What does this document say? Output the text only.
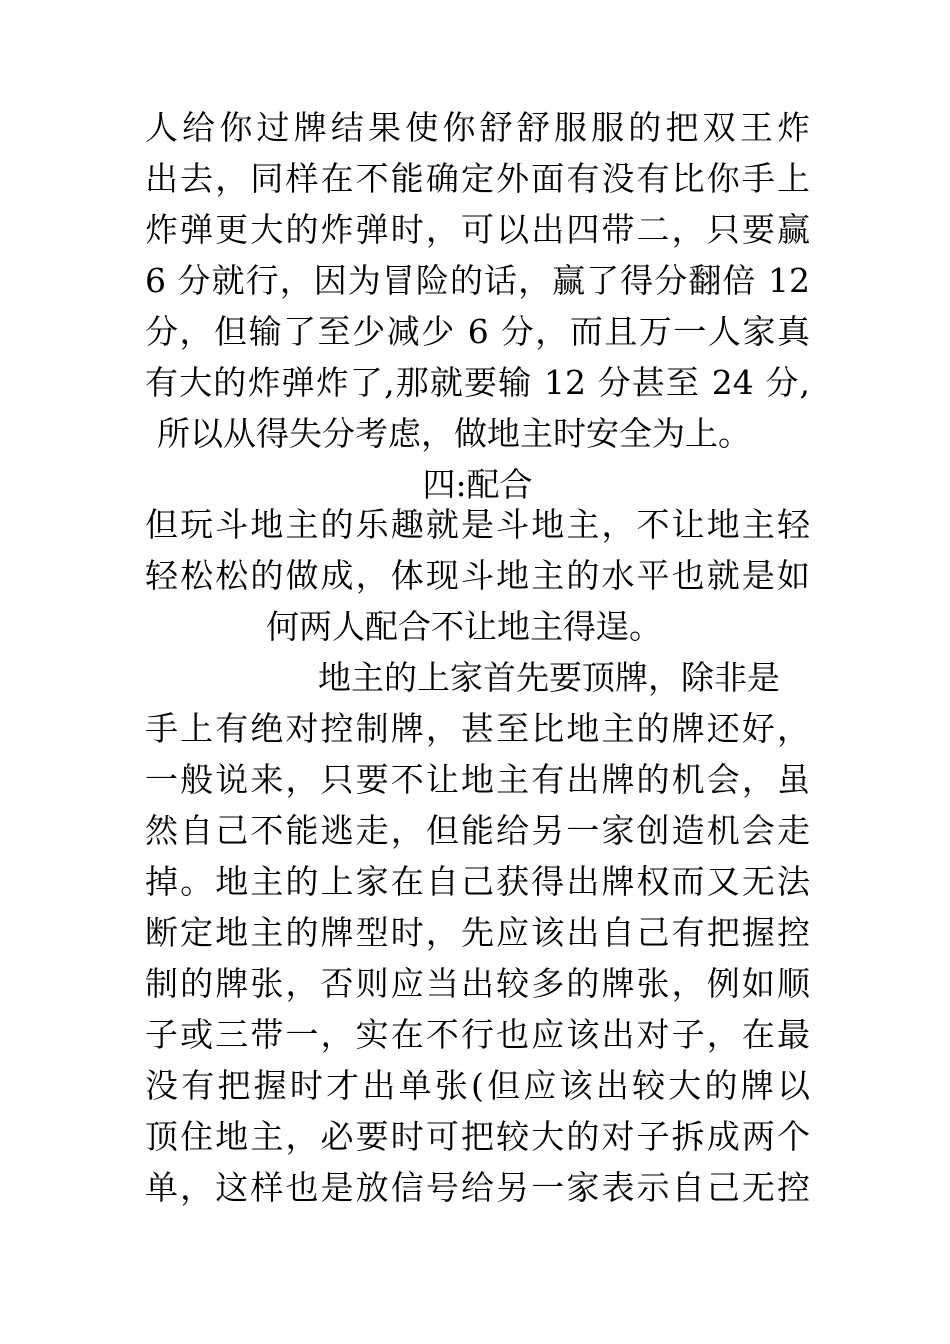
人给你过牌结果使你舒舒服服的把双王炸
出去，同样在不能确定外面有没有比你手上
炸弹更大的炸弹时，可以出四带二，只要赢
6 分就行，因为冒险的话，赢了得分翻倍 12
分，但输了至少减少 6 分，而且万一人家真
有大的炸弹炸了,那就要输 12 分甚至 24 分,
所以从得失分考虑，做地主时安全为上。
四:配合
但玩斗地主的乐趣就是斗地主，不让地主轻
轻松松的做成，体现斗地主的水平也就是如
何两人配合不让地主得逞。
地主的上家首先要顶牌，除非是
手上有绝对控制牌，甚至比地主的牌还好，
一般说来，只要不让地主有出牌的机会，虽
然自己不能逃走，但能给另一家创造机会走
掉。地主的上家在自己获得出牌权而又无法
断定地主的牌型时，先应该出自己有把握控
制的牌张，否则应当出较多的牌张，例如顺
子或三带一，实在不行也应该出对子，在最
没有把握时才出单张(但应该出较大的牌以
顶住地主，必要时可把较大的对子拆成两个
单，这样也是放信号给另一家表示自己无控
